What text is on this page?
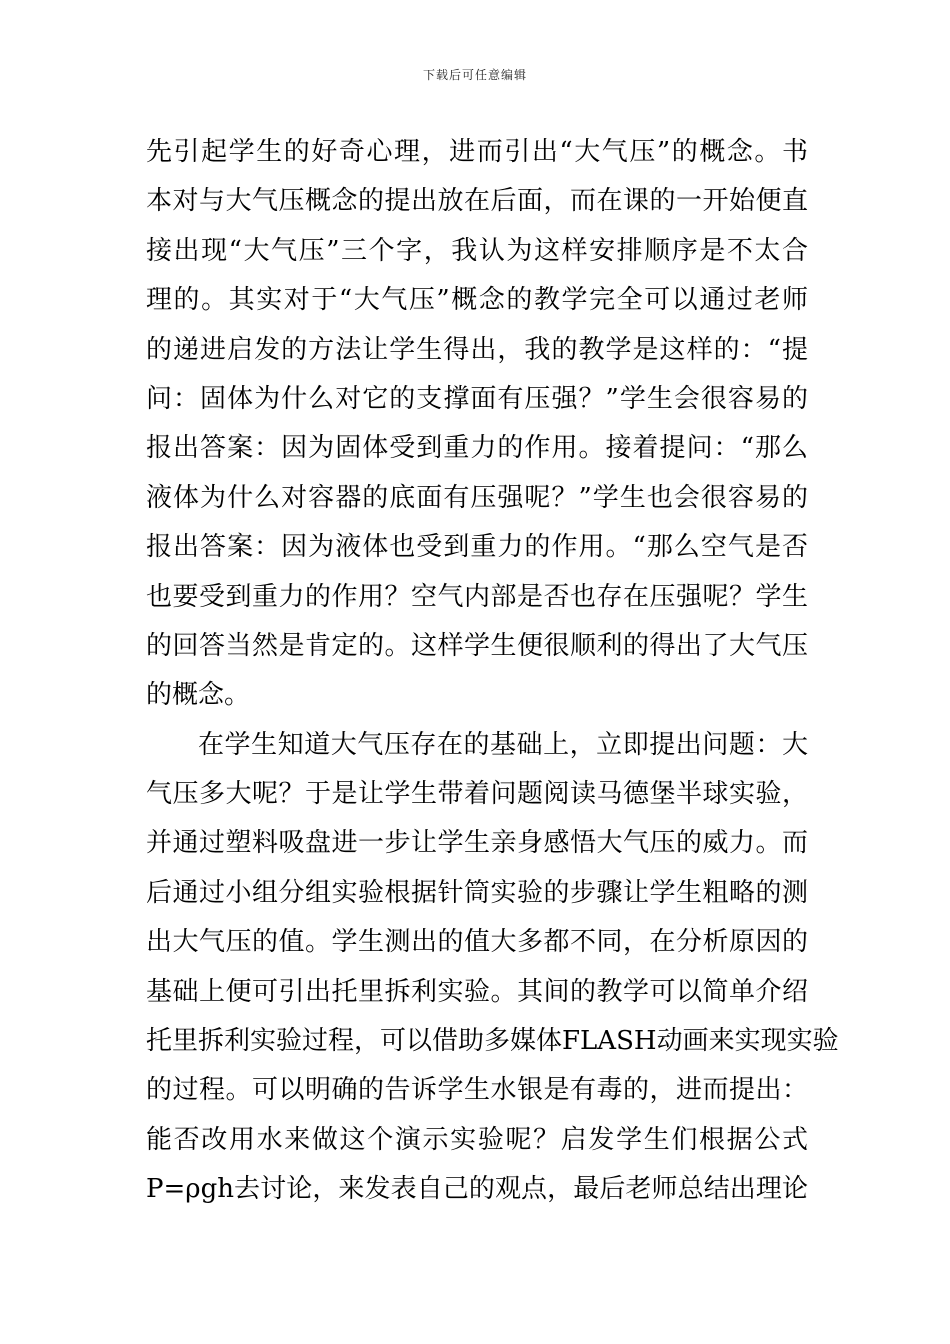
下载后可任意编辑
先引起学生的好奇心理，进而引出“大气压”的概念。书
本对与大气压概念的提出放在后面，而在课的一开始便直
接出现“大气压”三个字，我认为这样安排顺序是不太合
理的。其实对于“大气压”概念的教学完全可以通过老师
的递进启发的方法让学生得出，我的教学是这样的：“提
问：固体为什么对它的支撑面有压强？”学生会很容易的
报出答案：因为固体受到重力的作用。接着提问：“那么
液体为什么对容器的底面有压强呢？”学生也会很容易的
报出答案：因为液体也受到重力的作用。“那么空气是否
也要受到重力的作用？空气内部是否也存在压强呢？学生
的回答当然是肯定的。这样学生便很顺利的得出了大气压
的概念。
在学生知道大气压存在的基础上，立即提出问题：大
气压多大呢？于是让学生带着问题阅读马德堡半球实验，
并通过塑料吸盘进一步让学生亲身感悟大气压的威力。而
后通过小组分组实验根据针筒实验的步骤让学生粗略的测
出大气压的值。学生测出的值大多都不同，在分析原因的
基础上便可引出托里拆利实验。其间的教学可以简单介绍
托里拆利实验过程，可以借助多媒体FLASH动画来实现实验
的过程。可以明确的告诉学生水银是有毒的，进而提出：
能否改用水来做这个演示实验呢？启发学生们根据公式
P=ρgh去讨论，来发表自己的观点，最后老师总结出理论
